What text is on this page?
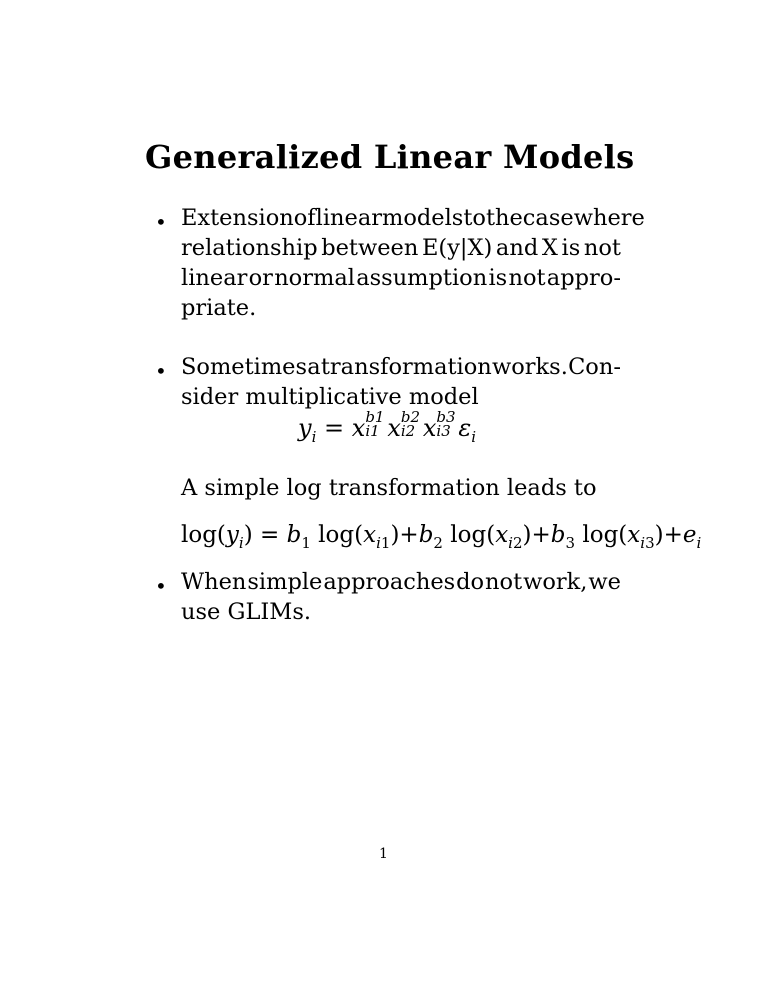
Generalized Linear Models
• Extension of linear models to the case where
relationship between E(y|X) and X is not
linear or normal assumption is not appro-
priate.
• Sometimes a transformation works. Con-
sider multiplicative model
$y_i = x$ b1
i1 x b2
i2 x b3
i3 $\varepsilon_i$
A simple log transformation leads to
$\log(y_i) = b_1$ $\log(x_{i1})+b_2$ $\log(x_{i2})+b_3$ $\log(x_{i3})+e_i$
• When simple approaches do not work, we
use GLIMs.
1
